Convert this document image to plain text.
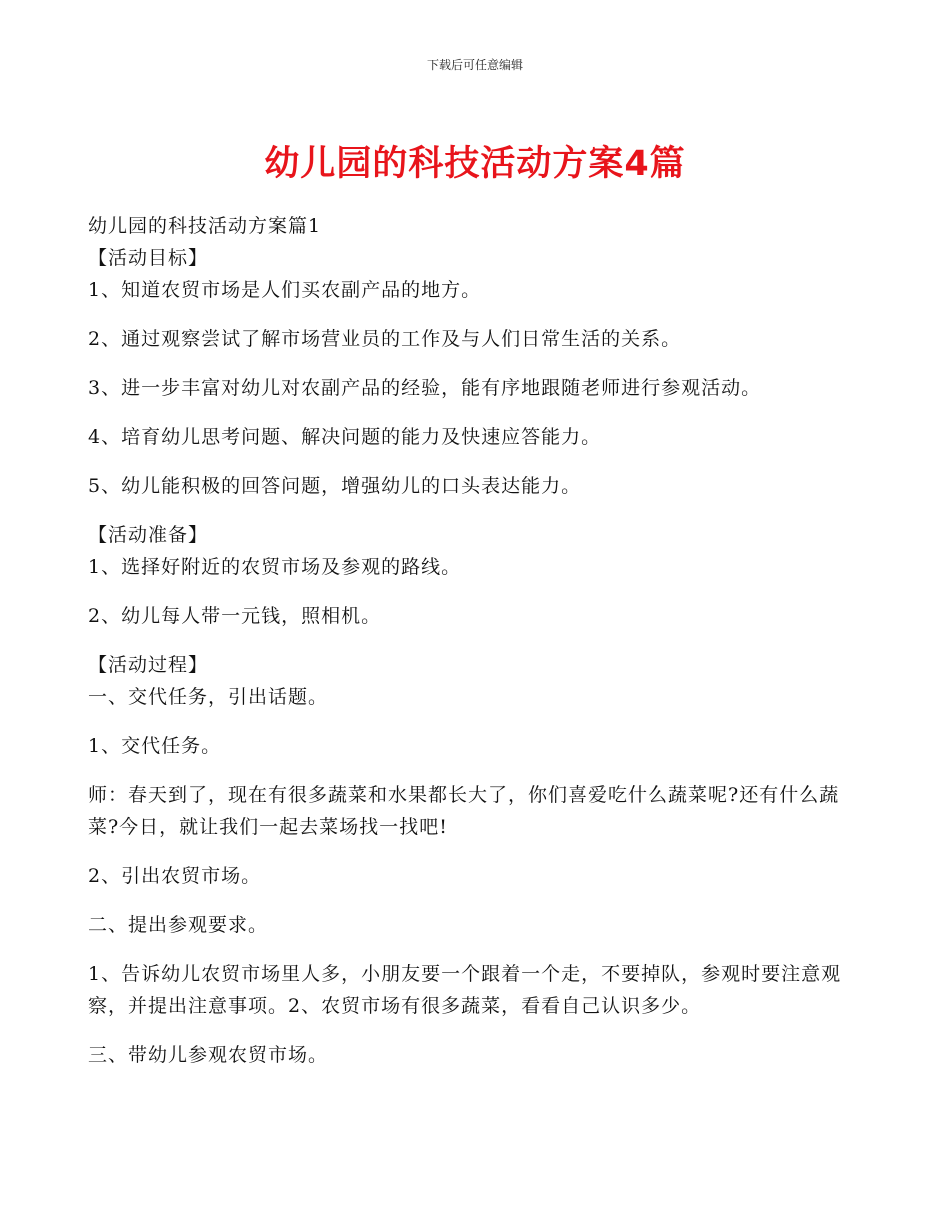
下载后可任意编辑
幼儿园的科技活动方案4篇

幼儿园的科技活动方案篇1

【活动目标】

1、知道农贸市场是人们买农副产品的地方。

2、通过观察尝试了解市场营业员的工作及与人们日常生活的关系。

3、进一步丰富对幼儿对农副产品的经验，能有序地跟随老师进行参观活动。

4、培育幼儿思考问题、解决问题的能力及快速应答能力。

5、幼儿能积极的回答问题，增强幼儿的口头表达能力。

【活动准备】

1、选择好附近的农贸市场及参观的路线。

2、幼儿每人带一元钱，照相机。

【活动过程】

一、交代任务，引出话题。

1、交代任务。

师：春天到了，现在有很多蔬菜和水果都长大了，你们喜爱吃什么蔬菜呢?还有什么蔬菜?今日，就让我们一起去菜场找一找吧!

2、引出农贸市场。

二、提出参观要求。

1、告诉幼儿农贸市场里人多，小朋友要一个跟着一个走，不要掉队，参观时要注意观察，并提出注意事项。2、农贸市场有很多蔬菜，看看自己认识多少。

三、带幼儿参观农贸市场。
